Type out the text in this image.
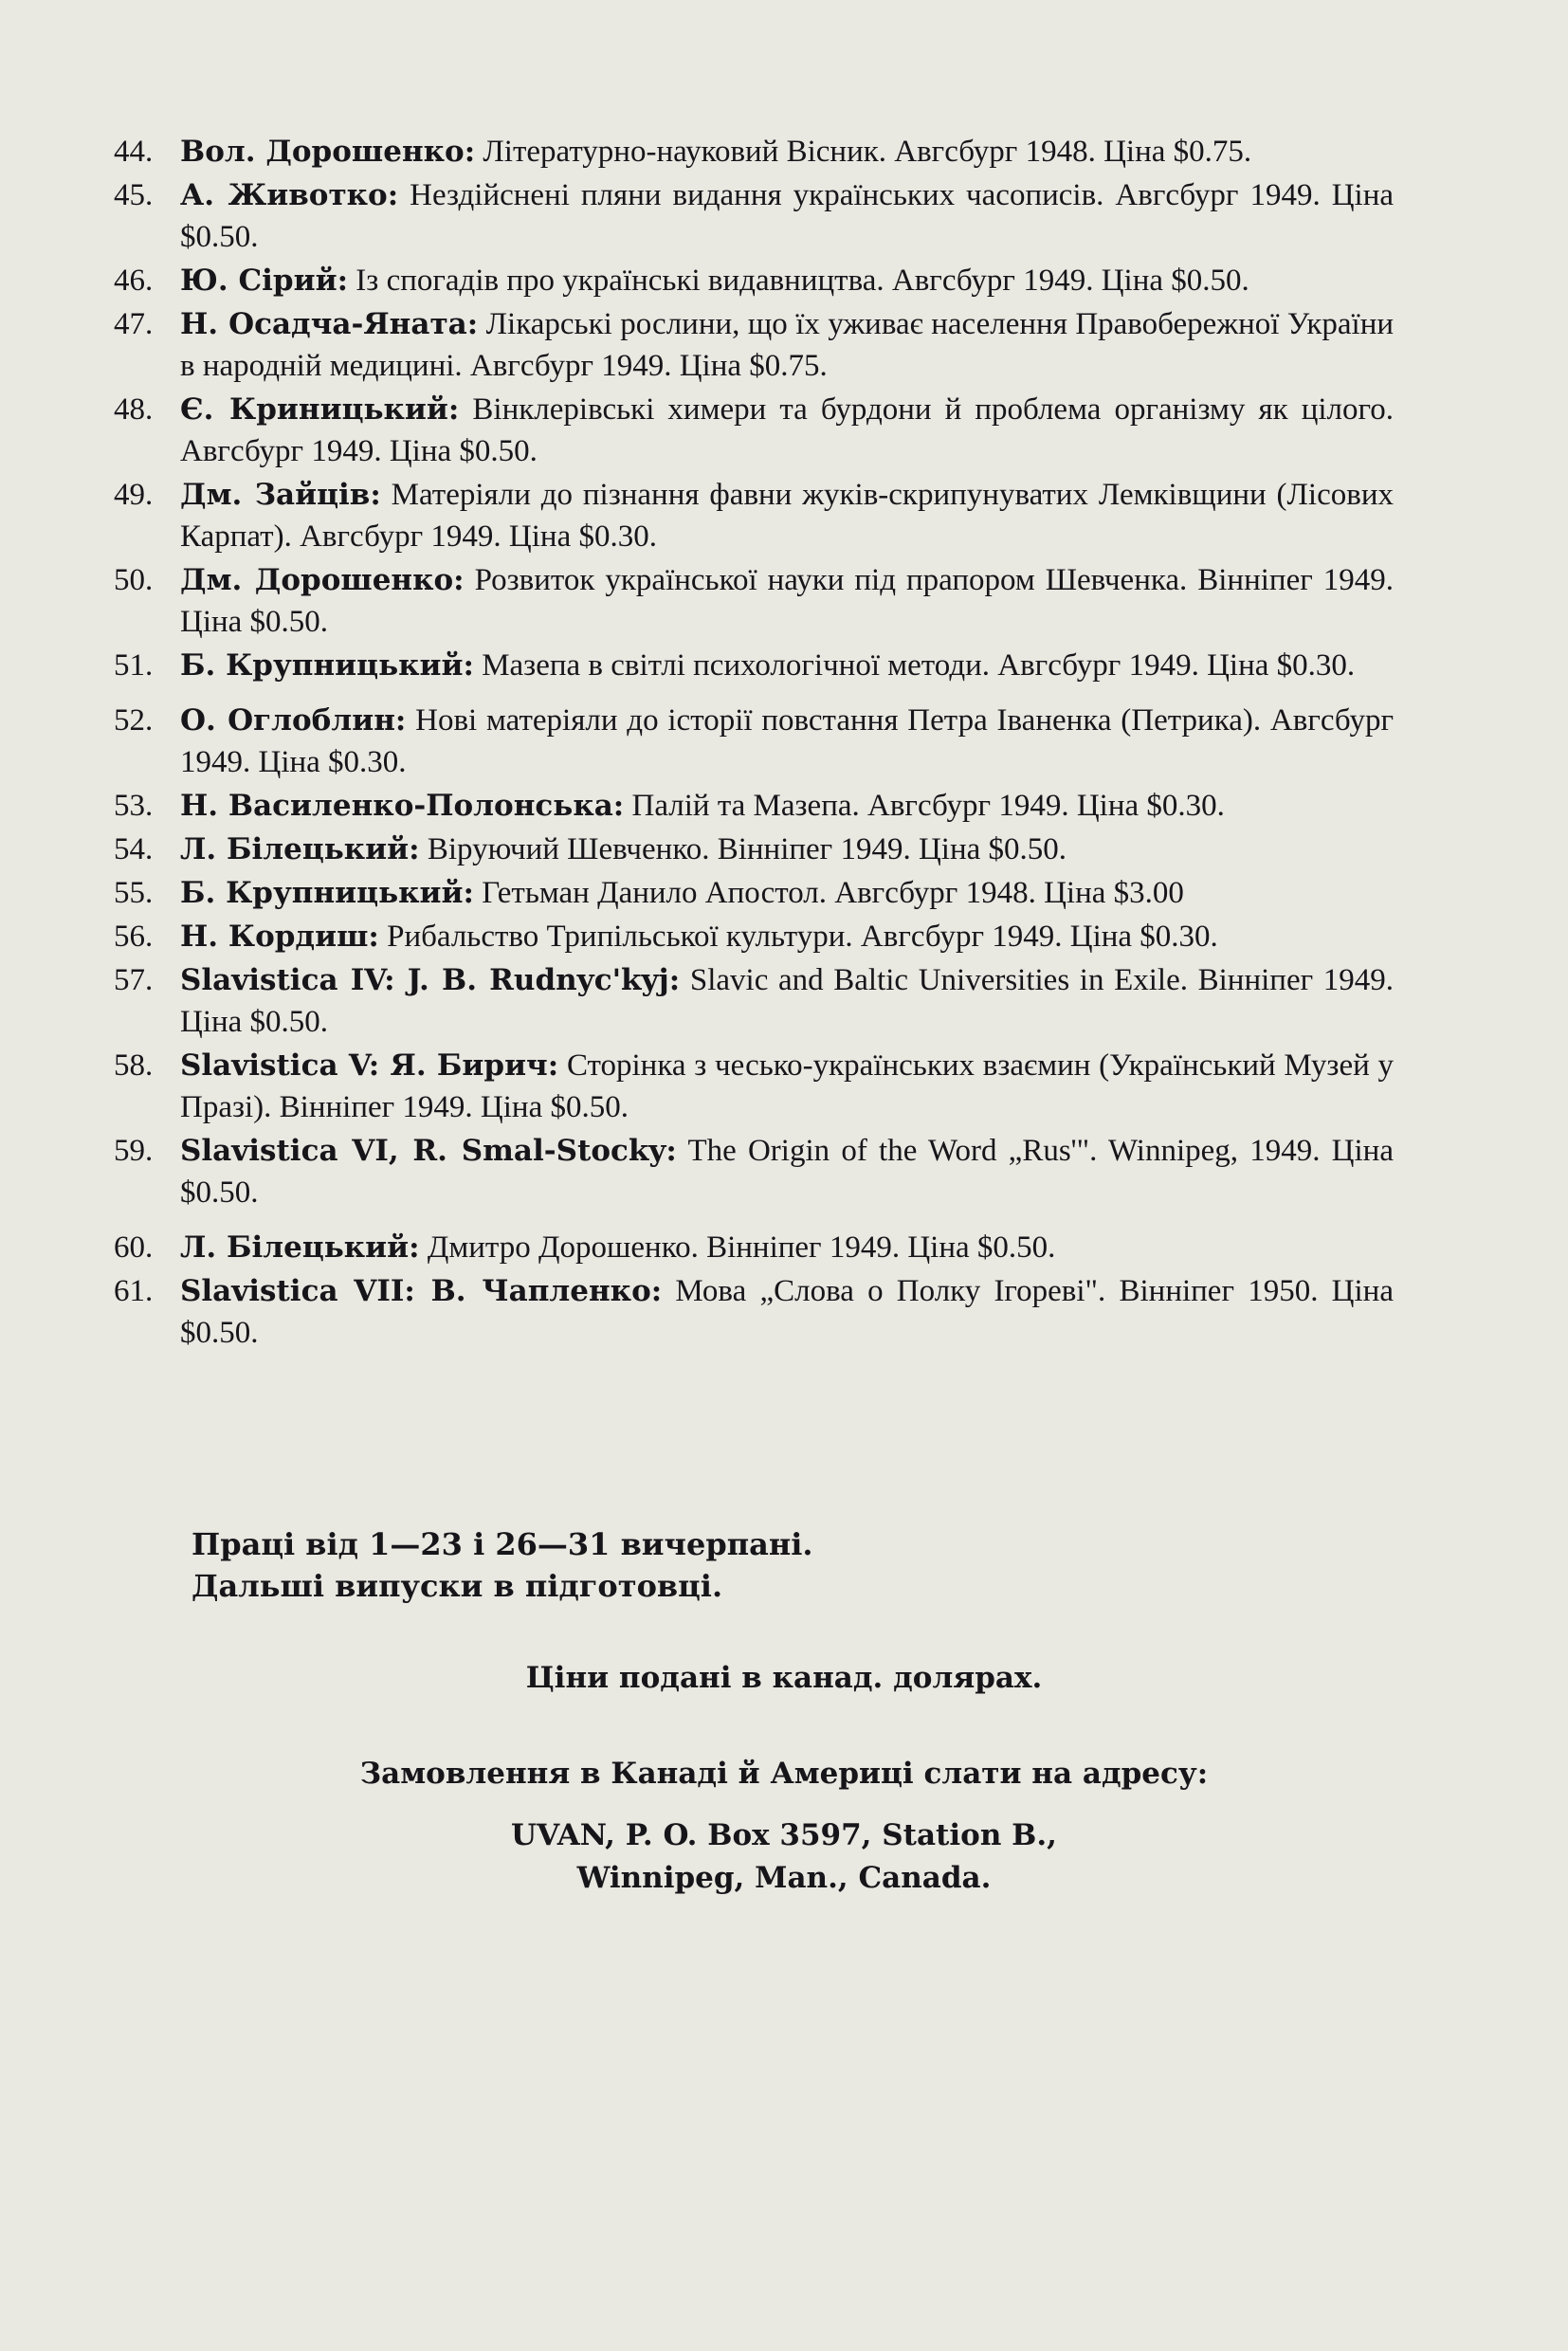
44. Вол. Дорошенко: Літературно-науковий Вісник. Авгсбург 1948. Ціна $0.75.
45. А. Животко: Нездійснені пляни видання українських часописів. Авгсбург 1949. Ціна $0.50.
46. Ю. Сірий: Із спогадів про українські видавництва. Авгсбург 1949. Ціна $0.50.
47. Н. Осадча-Яната: Лікарські рослини, що їх уживає населення Правобережної України в народній медицині. Авгсбург 1949. Ціна $0.75.
48. Є. Криницький: Вінклерівські химери та бурдони й проблема організму як цілого. Авгсбург 1949. Ціна $0.50.
49. Дм. Зайців: Матеріяли до пізнання фавни жуків-скрипунуватих Лемківщини (Лісових Карпат). Авгсбург 1949. Ціна $0.30.
50. Дм. Дорошенко: Розвиток української науки під прапором Шевченка. Вінніпег 1949. Ціна $0.50.
51. Б. Крупницький: Мазепа в світлі психологічної методи. Авгсбург 1949. Ціна $0.30.
52. О. Оглоблин: Нові матеріяли до історії повстання Петра Іваненка (Петрика). Авгсбург 1949. Ціна $0.30.
53. Н. Василенко-Полонська: Палій та Мазепа. Авгсбург 1949. Ціна $0.30.
54. Л. Білецький: Віруючий Шевченко. Вінніпег 1949. Ціна $0.50.
55. Б. Крупницький: Гетьман Данило Апостол. Авгсбург 1948. Ціна $3.00
56. Н. Кордиш: Рибальство Трипільської культури. Авгсбург 1949. Ціна $0.30.
57. Slavistica IV: J. B. Rudnyc'kyj: Slavic and Baltic Universities in Exile. Вінніпег 1949. Ціна $0.50.
58. Slavistica V: Я. Бирич: Сторінка з чесько-українських взаємин (Український Музей у Празі). Вінніпег 1949. Ціна $0.50.
59. Slavistica VI, R. Smal-Stocky: The Origin of the Word „Rus'". Winnipeg, 1949. Ціна $0.50.
60. Л. Білецький: Дмитро Дорошенко. Вінніпег 1949. Ціна $0.50.
61. Slavistica VII: В. Чапленко: Мова „Слова о Полку Ігореві". Вінніпег 1950. Ціна $0.50.
Праці від 1—23 і 26—31 вичерпані.
Дальші випуски в підготовці.
Ціни подані в канад. долярах.
Замовлення в Канаді й Америці слати на адресу:
UVAN, P. O. Box 3597, Station B.,
Winnipeg, Man., Canada.
